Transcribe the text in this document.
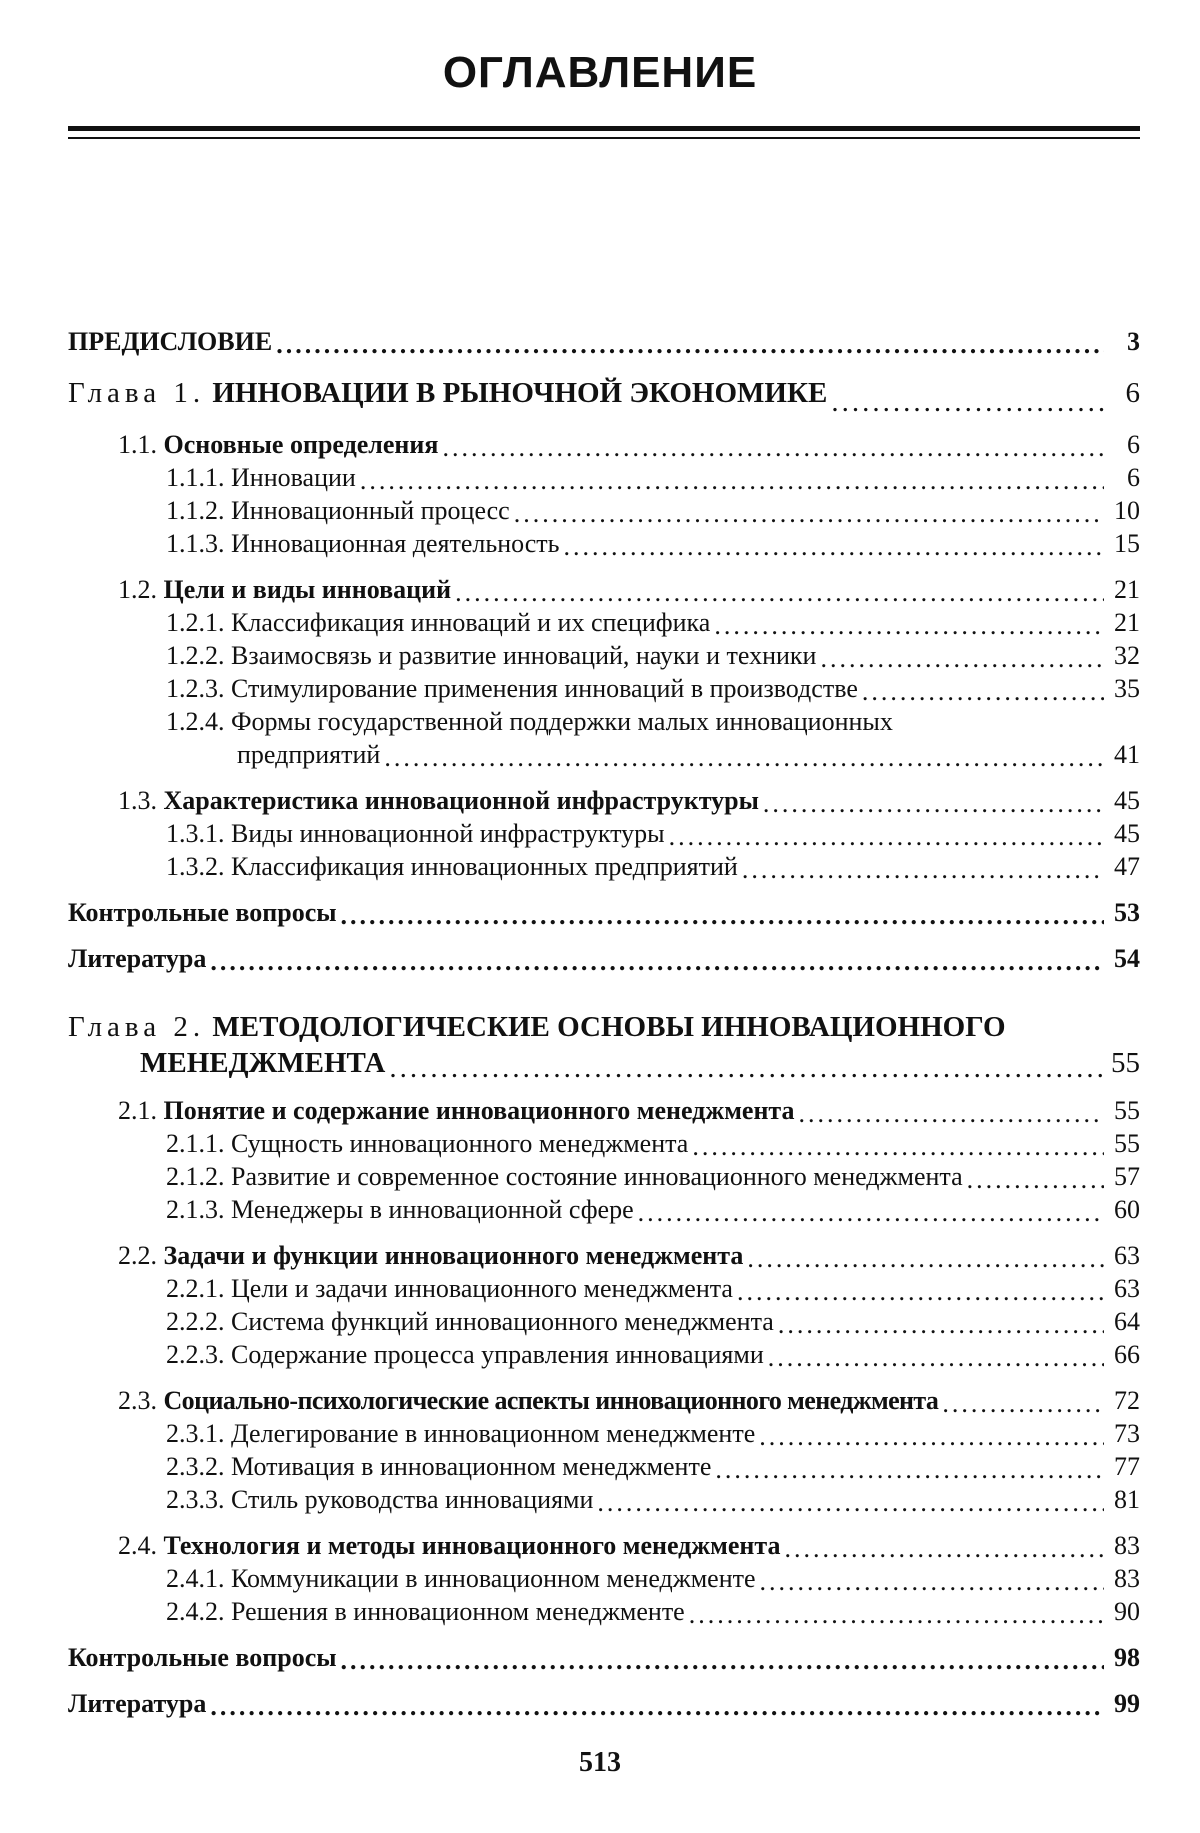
ОГЛАВЛЕНИЕ
ПРЕДИСЛОВИЕ .....	3
Глава 1. ИННОВАЦИИ В РЫНОЧНОЙ ЭКОНОМИКЕ .....	6
1.1. Основные определения .....	6
1.1.1. Инновации .....	6
1.1.2. Инновационный процесс .....	10
1.1.3. Инновационная деятельность .....	15
1.2. Цели и виды инноваций .....	21
1.2.1. Классификация инноваций и их специфика .....	21
1.2.2. Взаимосвязь и развитие инноваций, науки и техники .....	32
1.2.3. Стимулирование применения инноваций в производстве .....	35
1.2.4. Формы государственной поддержки малых инновационных
предприятий .....	41
1.3. Характеристика инновационной инфраструктуры .....	45
1.3.1. Виды инновационной инфраструктуры .....	45
1.3.2. Классификация инновационных предприятий .....	47
Контрольные вопросы .....	53
Литература .....	54
Глава 2. МЕТОДОЛОГИЧЕСКИЕ ОСНОВЫ ИННОВАЦИОННОГО
МЕНЕДЖМЕНТА .....	55
2.1. Понятие и содержание инновационного менеджмента .....	55
2.1.1. Сущность инновационного менеджмента .....	55
2.1.2. Развитие и современное состояние инновационного менеджмента .....	57
2.1.3. Менеджеры в инновационной сфере .....	60
2.2. Задачи и функции инновационного менеджмента .....	63
2.2.1. Цели и задачи инновационного менеджмента .....	63
2.2.2. Система функций инновационного менеджмента .....	64
2.2.3. Содержание процесса управления инновациями .....	66
2.3. Социально-психологические аспекты инновационного менеджмента .....	72
2.3.1. Делегирование в инновационном менеджменте .....	73
2.3.2. Мотивация в инновационном менеджменте .....	77
2.3.3. Стиль руководства инновациями .....	81
2.4. Технология и методы инновационного менеджмента .....	83
2.4.1. Коммуникации в инновационном менеджменте .....	83
2.4.2. Решения в инновационном менеджменте .....	90
Контрольные вопросы .....	98
Литература .....	99
513
